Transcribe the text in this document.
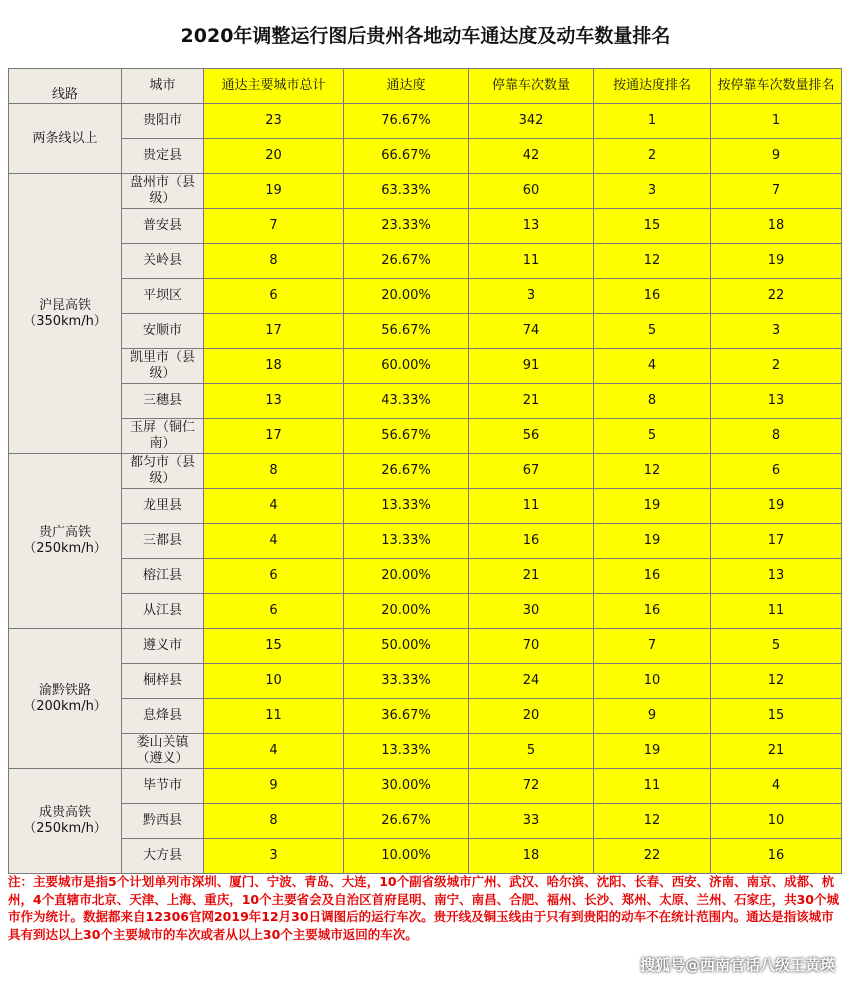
2020年调整运行图后贵州各地动车通达度及动车数量排名
线路	城市	通达主要城市总计	通达度	停靠车次数量	按通达度排名	按停靠车次数量排名

两条线以上	贵阳市	23	76.67%	342	1	1
	贵定县	20	66.67%	42	2	9

沪昆高铁（350km/h）	盘州市（县级）	19	63.33%	60	3	7
	普安县	7	23.33%	13	15	18
	关岭县	8	26.67%	11	12	19
	平坝区	6	20.00%	3	16	22
	安顺市	17	56.67%	74	5	3
	凯里市（县级）	18	60.00%	91	4	2
	三穗县	13	43.33%	21	8	13
	玉屏（铜仁南）	17	56.67%	56	5	8

贵广高铁（250km/h）	都匀市（县级）	8	26.67%	67	12	6
	龙里县	4	13.33%	11	19	19
	三都县	4	13.33%	16	19	17
	榕江县	6	20.00%	21	16	13
	从江县	6	20.00%	30	16	11

渝黔铁路（200km/h）	遵义市	15	50.00%	70	7	5
	桐梓县	10	33.33%	24	10	12
	息烽县	11	36.67%	20	9	15
	娄山关镇（遵义）	4	13.33%	5	19	21

成贵高铁（250km/h）	毕节市	9	30.00%	72	11	4
	黔西县	8	26.67%	33	12	10
	大方县	3	10.00%	18	22	16
注：主要城市是指5个计划单列市深圳、厦门、宁波、青岛、大连，10个副省级城市广州、武汉、哈尔滨、沈阳、长春、西安、济南、南京、成都、杭州，4个直辖市北京、天津、上海、重庆，10个主要省会及自治区首府昆明、南宁、南昌、合肥、福州、长沙、郑州、太原、兰州、石家庄，共30个城市作为统计。数据都来自12306官网2019年12月30日调图后的运行车次。贵开线及铜玉线由于只有到贵阳的动车不在统计范围内。通达是指该城市具有到达以上30个主要城市的车次或者从以上30个主要城市返回的车次。
搜狐号@西南官话八级王黄瑛
